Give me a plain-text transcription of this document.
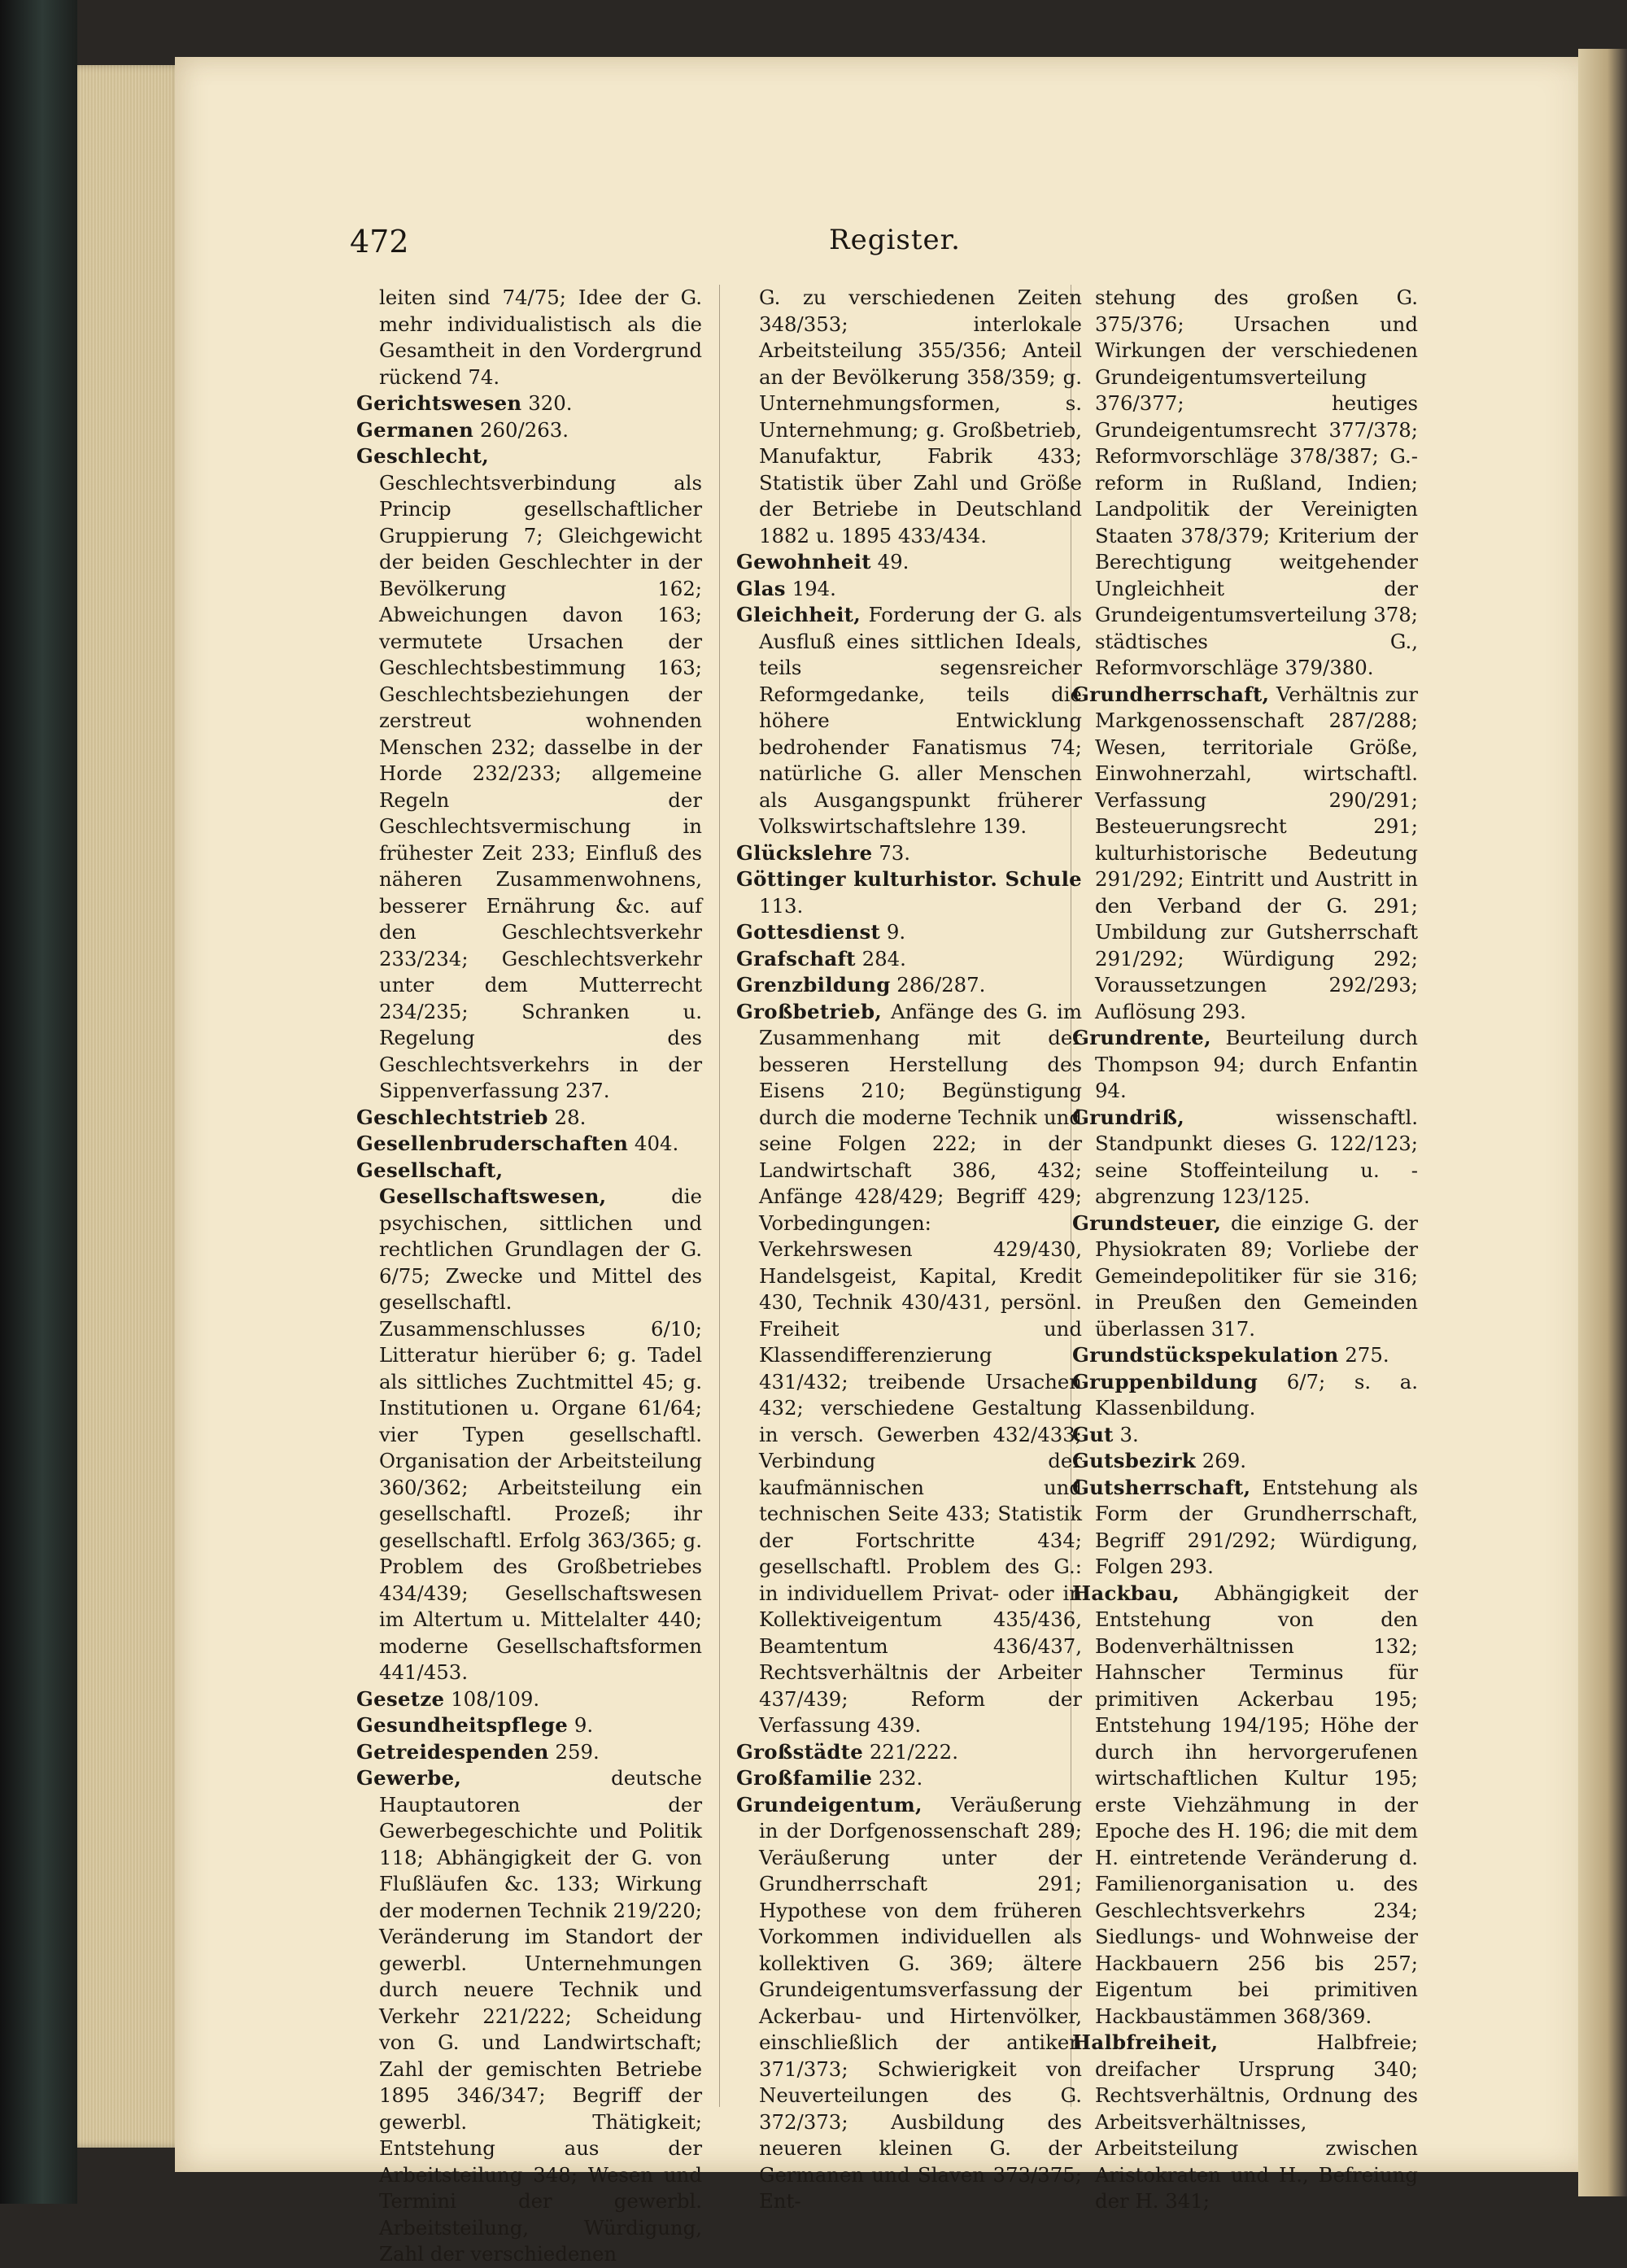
472	Register.

leiten sind 74/75; Idee der G. mehr individualistisch als die Gesamtheit in den Vordergrund rückend 74.

Gerichtswesen 320.

Germanen 260/263.

Geschlecht, Geschlechtsverbindung als Princip gesellschaftlicher Gruppierung 7; Gleichgewicht der beiden Geschlechter in der Bevölkerung 162; Abweichungen davon 163; vermutete Ursachen der Geschlechtsbestimmung 163; Geschlechtsbeziehungen der zerstreut wohnenden Menschen 232; dasselbe in der Horde 232/233; allgemeine Regeln der Geschlechtsvermischung in frühester Zeit 233; Einfluß des näheren Zusammenwohnens, besserer Ernährung &c. auf den Geschlechtsverkehr 233/234; Geschlechtsverkehr unter dem Mutterrecht 234/235; Schranken u. Regelung des Geschlechtsverkehrs in der Sippenverfassung 237.

Geschlechtstrieb 28.

Gesellenbruderschaften 404.

Gesellschaft, Gesellschaftswesen, die psychischen, sittlichen und rechtlichen Grundlagen der G. 6/75; Zwecke und Mittel des gesellschaftl. Zusammenschlusses 6/10; Litteratur hierüber 6; g. Tadel als sittliches Zuchtmittel 45; g. Institutionen u. Organe 61/64; vier Typen gesellschaftl. Organisation der Arbeitsteilung 360/362; Arbeitsteilung ein gesellschaftl. Prozeß; ihr gesellschaftl. Erfolg 363/365; g. Problem des Großbetriebes 434/439; Gesellschaftswesen im Altertum u. Mittelalter 440; moderne Gesellschaftsformen 441/453.

Gesetze 108/109.

Gesundheitspflege 9.

Getreidespenden 259.

Gewerbe, deutsche Hauptautoren der Gewerbegeschichte und Politik 118; Abhängigkeit der G. von Flußläufen &c. 133; Wirkung der modernen Technik 219/220; Veränderung im Standort der gewerbl. Unternehmungen durch neuere Technik und Verkehr 221/222; Scheidung von G. und Landwirtschaft; Zahl der gemischten Betriebe 1895 346/347; Begriff der gewerbl. Thätigkeit; Entstehung aus der Arbeitsteilung 348; Wesen und Termini der gewerbl. Arbeitsteilung, Würdigung, Zahl der verschiedenen

G. zu verschiedenen Zeiten 348/353; interlokale Arbeitsteilung 355/356; Anteil an der Bevölkerung 358/359; g. Unternehmungsformen, s. Unternehmung; g. Großbetrieb, Manufaktur, Fabrik 433; Statistik über Zahl und Größe der Betriebe in Deutschland 1882 u. 1895 433/434.

Gewohnheit 49.

Glas 194.

Gleichheit, Forderung der G. als Ausfluß eines sittlichen Ideals, teils segensreicher Reformgedanke, teils die höhere Entwicklung bedrohender Fanatismus 74; natürliche G. aller Menschen als Ausgangspunkt früherer Volkswirtschaftslehre 139.

Glückslehre 73.

Göttinger kulturhistor. Schule 113.

Gottesdienst 9.

Grafschaft 284.

Grenzbildung 286/287.

Großbetrieb, Anfänge des G. im Zusammenhang mit der besseren Herstellung des Eisens 210; Begünstigung durch die moderne Technik und seine Folgen 222; in der Landwirtschaft 386, 432; Anfänge 428/429; Begriff 429; Vorbedingungen: Verkehrswesen 429/430, Handelsgeist, Kapital, Kredit 430, Technik 430/431, persönl. Freiheit und Klassendifferenzierung 431/432; treibende Ursachen 432; verschiedene Gestaltung in versch. Gewerben 432/433; Verbindung der kaufmännischen und technischen Seite 433; Statistik der Fortschritte 434; gesellschaftl. Problem des G.: in individuellem Privat- oder in Kollektiveigentum 435/436, Beamtentum 436/437, Rechtsverhältnis der Arbeiter 437/439; Reform der Verfassung 439.

Großstädte 221/222.

Großfamilie 232.

Grundeigentum, Veräußerung in der Dorfgenossenschaft 289; Veräußerung unter der Grundherrschaft 291; Hypothese von dem früheren Vorkommen individuellen als kollektiven G. 369; ältere Grundeigentumsverfassung der Ackerbau- und Hirtenvölker, einschließlich der antiken 371/373; Schwierigkeit von Neuverteilungen des G. 372/373; Ausbildung des neueren kleinen G. der Germanen und Slaven 373/375; Ent-

stehung des großen G. 375/376; Ursachen und Wirkungen der verschiedenen Grundeigentumsverteilung 376/377; heutiges Grundeigentumsrecht 377/378; Reformvorschläge 378/387; G.-reform in Rußland, Indien; Landpolitik der Vereinigten Staaten 378/379; Kriterium der Berechtigung weitgehender Ungleichheit der Grundeigentumsverteilung 378; städtisches G., Reformvorschläge 379/380.

Grundherrschaft, Verhältnis zur Markgenossenschaft 287/288; Wesen, territoriale Größe, Einwohnerzahl, wirtschaftl. Verfassung 290/291; Besteuerungsrecht 291; kulturhistorische Bedeutung 291/292; Eintritt und Austritt in den Verband der G. 291; Umbildung zur Gutsherrschaft 291/292; Würdigung 292; Voraussetzungen 292/293; Auflösung 293.

Grundrente, Beurteilung durch Thompson 94; durch Enfantin 94.

Grundriß, wissenschaftl. Standpunkt dieses G. 122/123; seine Stoffeinteilung u. -abgrenzung 123/125.

Grundsteuer, die einzige G. der Physiokraten 89; Vorliebe der Gemeindepolitiker für sie 316; in Preußen den Gemeinden überlassen 317.

Grundstückspekulation 275.

Gruppenbildung 6/7; s. a. Klassenbildung.

Gut 3.

Gutsbezirk 269.

Gutsherrschaft, Entstehung als Form der Grundherrschaft, Begriff 291/292; Würdigung, Folgen 293.

Hackbau, Abhängigkeit der Entstehung von den Bodenverhältnissen 132; Hahnscher Terminus für primitiven Ackerbau 195; Entstehung 194/195; Höhe der durch ihn hervorgerufenen wirtschaftlichen Kultur 195; erste Viehzähmung in der Epoche des H. 196; die mit dem H. eintretende Veränderung d. Familienorganisation u. des Geschlechtsverkehrs 234; Siedlungs- und Wohnweise der Hackbauern 256 bis 257; Eigentum bei primitiven Hackbaustämmen 368/369.

Halbfreiheit, Halbfreie; dreifacher Ursprung 340; Rechtsverhältnis, Ordnung des Arbeitsverhältnisses, Arbeitsteilung zwischen Aristokraten und H., Befreiung der H. 341;
